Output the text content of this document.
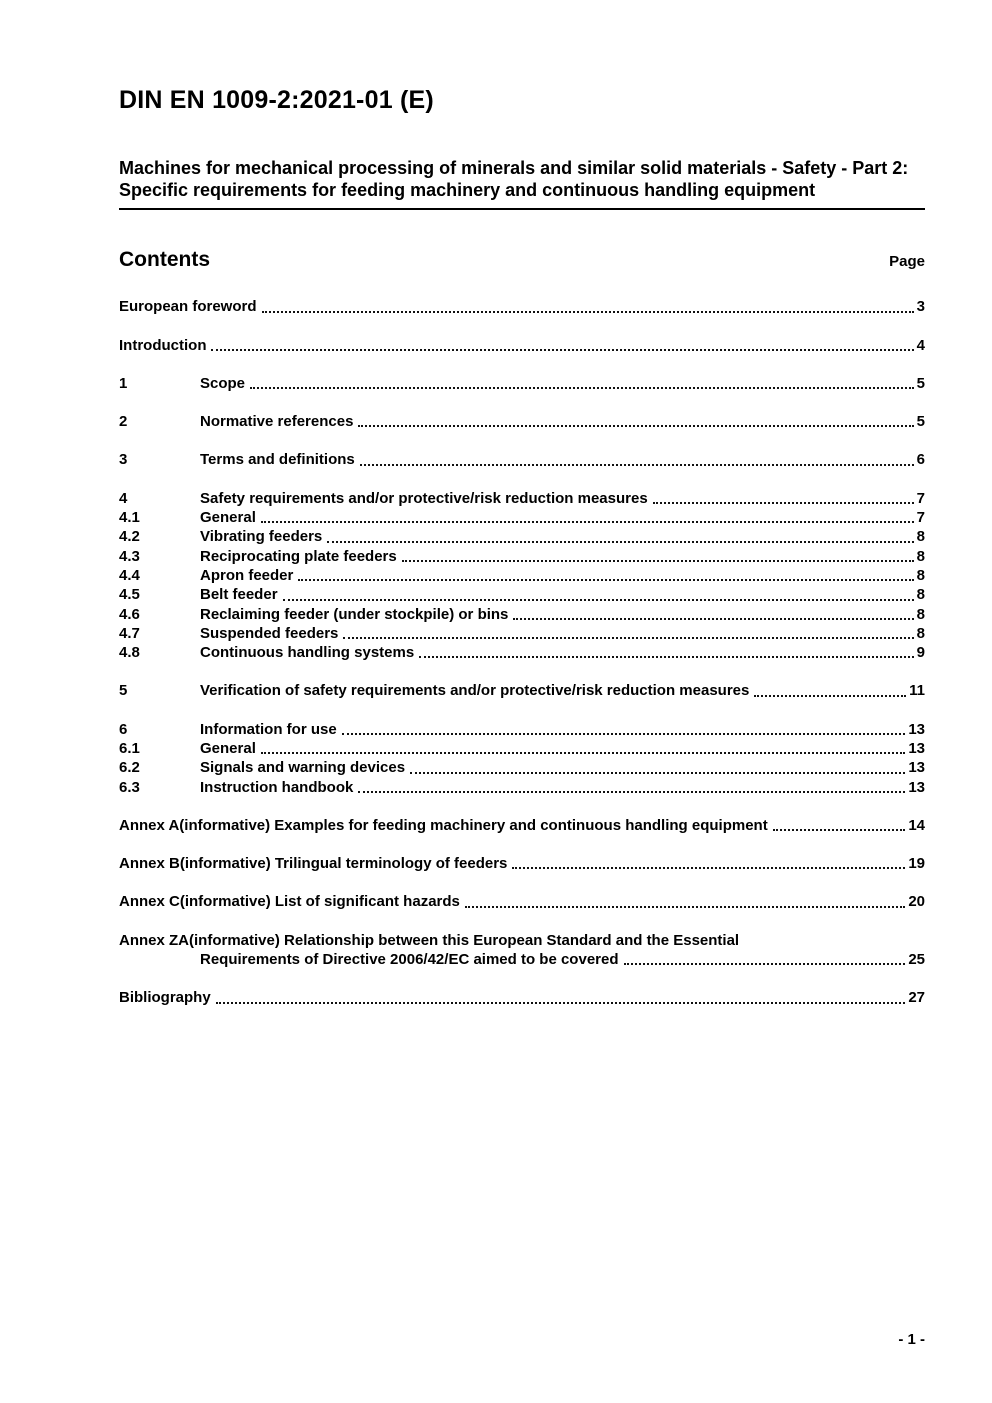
DIN EN 1009-2:2021-01 (E)
Machines for mechanical processing of minerals and similar solid materials - Safety - Part 2: Specific requirements for feeding machinery and continuous handling equipment
Contents	Page
European foreword	3
Introduction	4
1	Scope	5
2	Normative references	5
3	Terms and definitions	6
4	Safety requirements and/or protective/risk reduction measures	7
4.1	General	7
4.2	Vibrating feeders	8
4.3	Reciprocating plate feeders	8
4.4	Apron feeder	8
4.5	Belt feeder	8
4.6	Reclaiming feeder (under stockpile) or bins	8
4.7	Suspended feeders	8
4.8	Continuous handling systems	9
5	Verification of safety requirements and/or protective/risk reduction measures	11
6	Information for use	13
6.1	General	13
6.2	Signals and warning devices	13
6.3	Instruction handbook	13
Annex A(informative) Examples for feeding machinery and continuous handling equipment	14
Annex B(informative) Trilingual terminology of feeders	19
Annex C(informative) List of significant hazards	20
Annex ZA(informative) Relationship between this European Standard and the Essential
Requirements of Directive 2006/42/EC aimed to be covered	25
Bibliography	27
- 1 -
